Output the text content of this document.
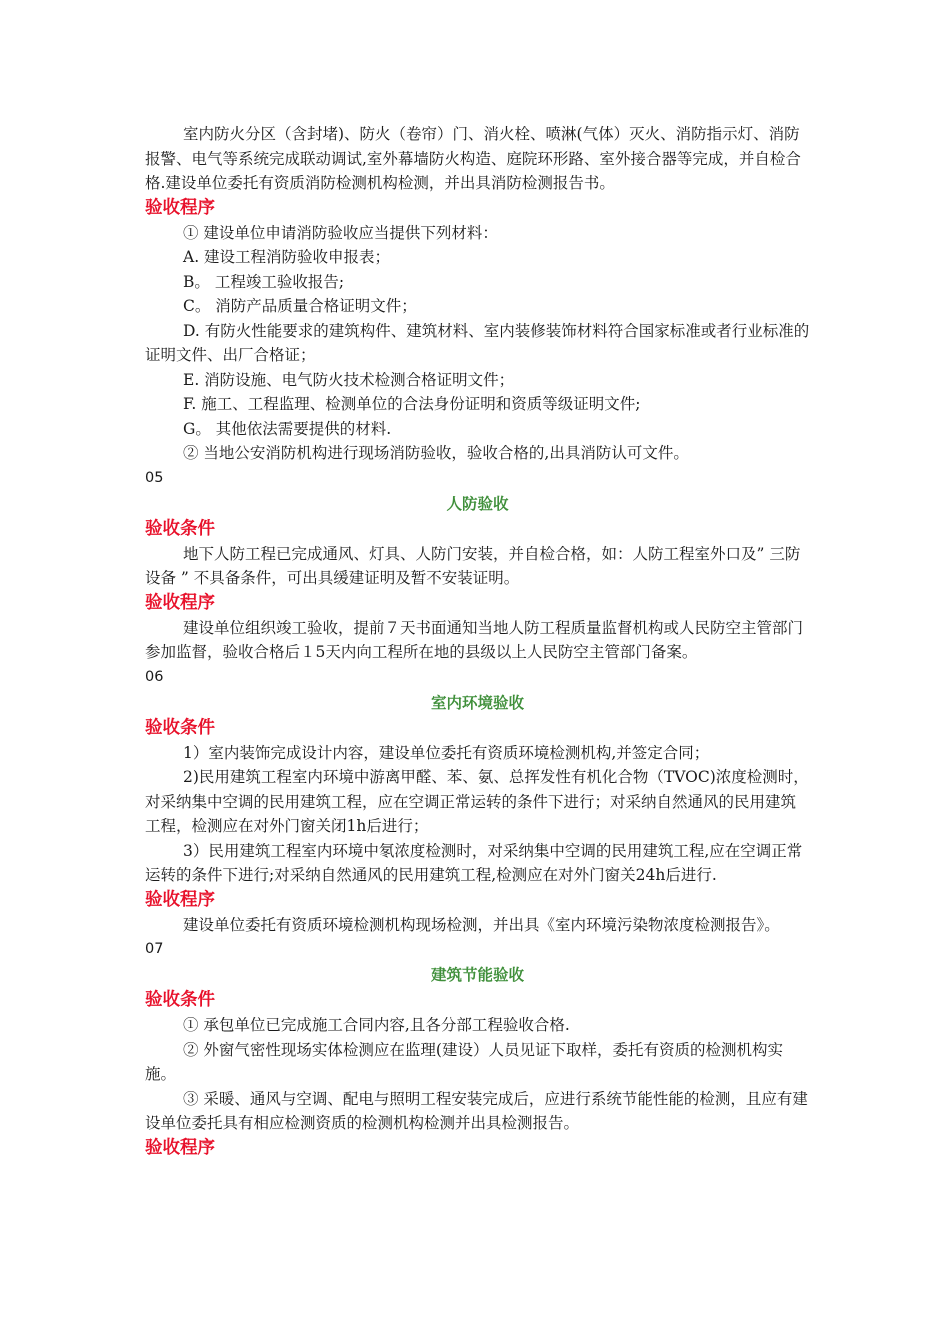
室内防火分区（含封堵)、防火（卷帘）门、消火栓、喷淋(气体）灭火、消防指示灯、消防报警、电气等系统完成联动调试,室外幕墙防火构造、庭院环形路、室外接合器等完成，并自检合格.建设单位委托有资质消防检测机构检测，并出具消防检测报告书。

验收程序

① 建设单位申请消防验收应当提供下列材料：

A. 建设工程消防验收申报表；

B。 工程竣工验收报告;

C。 消防产品质量合格证明文件；

D. 有防火性能要求的建筑构件、建筑材料、室内装修装饰材料符合国家标准或者行业标准的证明文件、出厂合格证；

E. 消防设施、电气防火技术检测合格证明文件；

F. 施工、工程监理、检测单位的合法身份证明和资质等级证明文件;

G。 其他依法需要提供的材料.

② 当地公安消防机构进行现场消防验收，验收合格的,出具消防认可文件。

05

人防验收

验收条件

地下人防工程已完成通风、灯具、人防门安装，并自检合格，如：人防工程室外口及” 三防设备 ” 不具备条件，可出具缓建证明及暂不安装证明。

验收程序

建设单位组织竣工验收，提前７天书面通知当地人防工程质量监督机构或人民防空主管部门参加监督，验收合格后１5天内向工程所在地的县级以上人民防空主管部门备案。

06

室内环境验收

验收条件

1）室内装饰完成设计内容，建设单位委托有资质环境检测机构,并签定合同；

2)民用建筑工程室内环境中游离甲醛、苯、氨、总挥发性有机化合物（TVOC)浓度检测时，对采纳集中空调的民用建筑工程，应在空调正常运转的条件下进行；对采纳自然通风的民用建筑工程，检测应在对外门窗关闭1h后进行；

3）民用建筑工程室内环境中氡浓度检测时，对采纳集中空调的民用建筑工程,应在空调正常运转的条件下进行;对采纳自然通风的民用建筑工程,检测应在对外门窗关24h后进行.

验收程序

建设单位委托有资质环境检测机构现场检测，并出具《室内环境污染物浓度检测报告》。

07

建筑节能验收

验收条件

① 承包单位已完成施工合同内容,且各分部工程验收合格.

② 外窗气密性现场实体检测应在监理(建设）人员见证下取样，委托有资质的检测机构实施。

③ 采暖、通风与空调、配电与照明工程安装完成后，应进行系统节能性能的检测，且应有建设单位委托具有相应检测资质的检测机构检测并出具检测报告。

验收程序
